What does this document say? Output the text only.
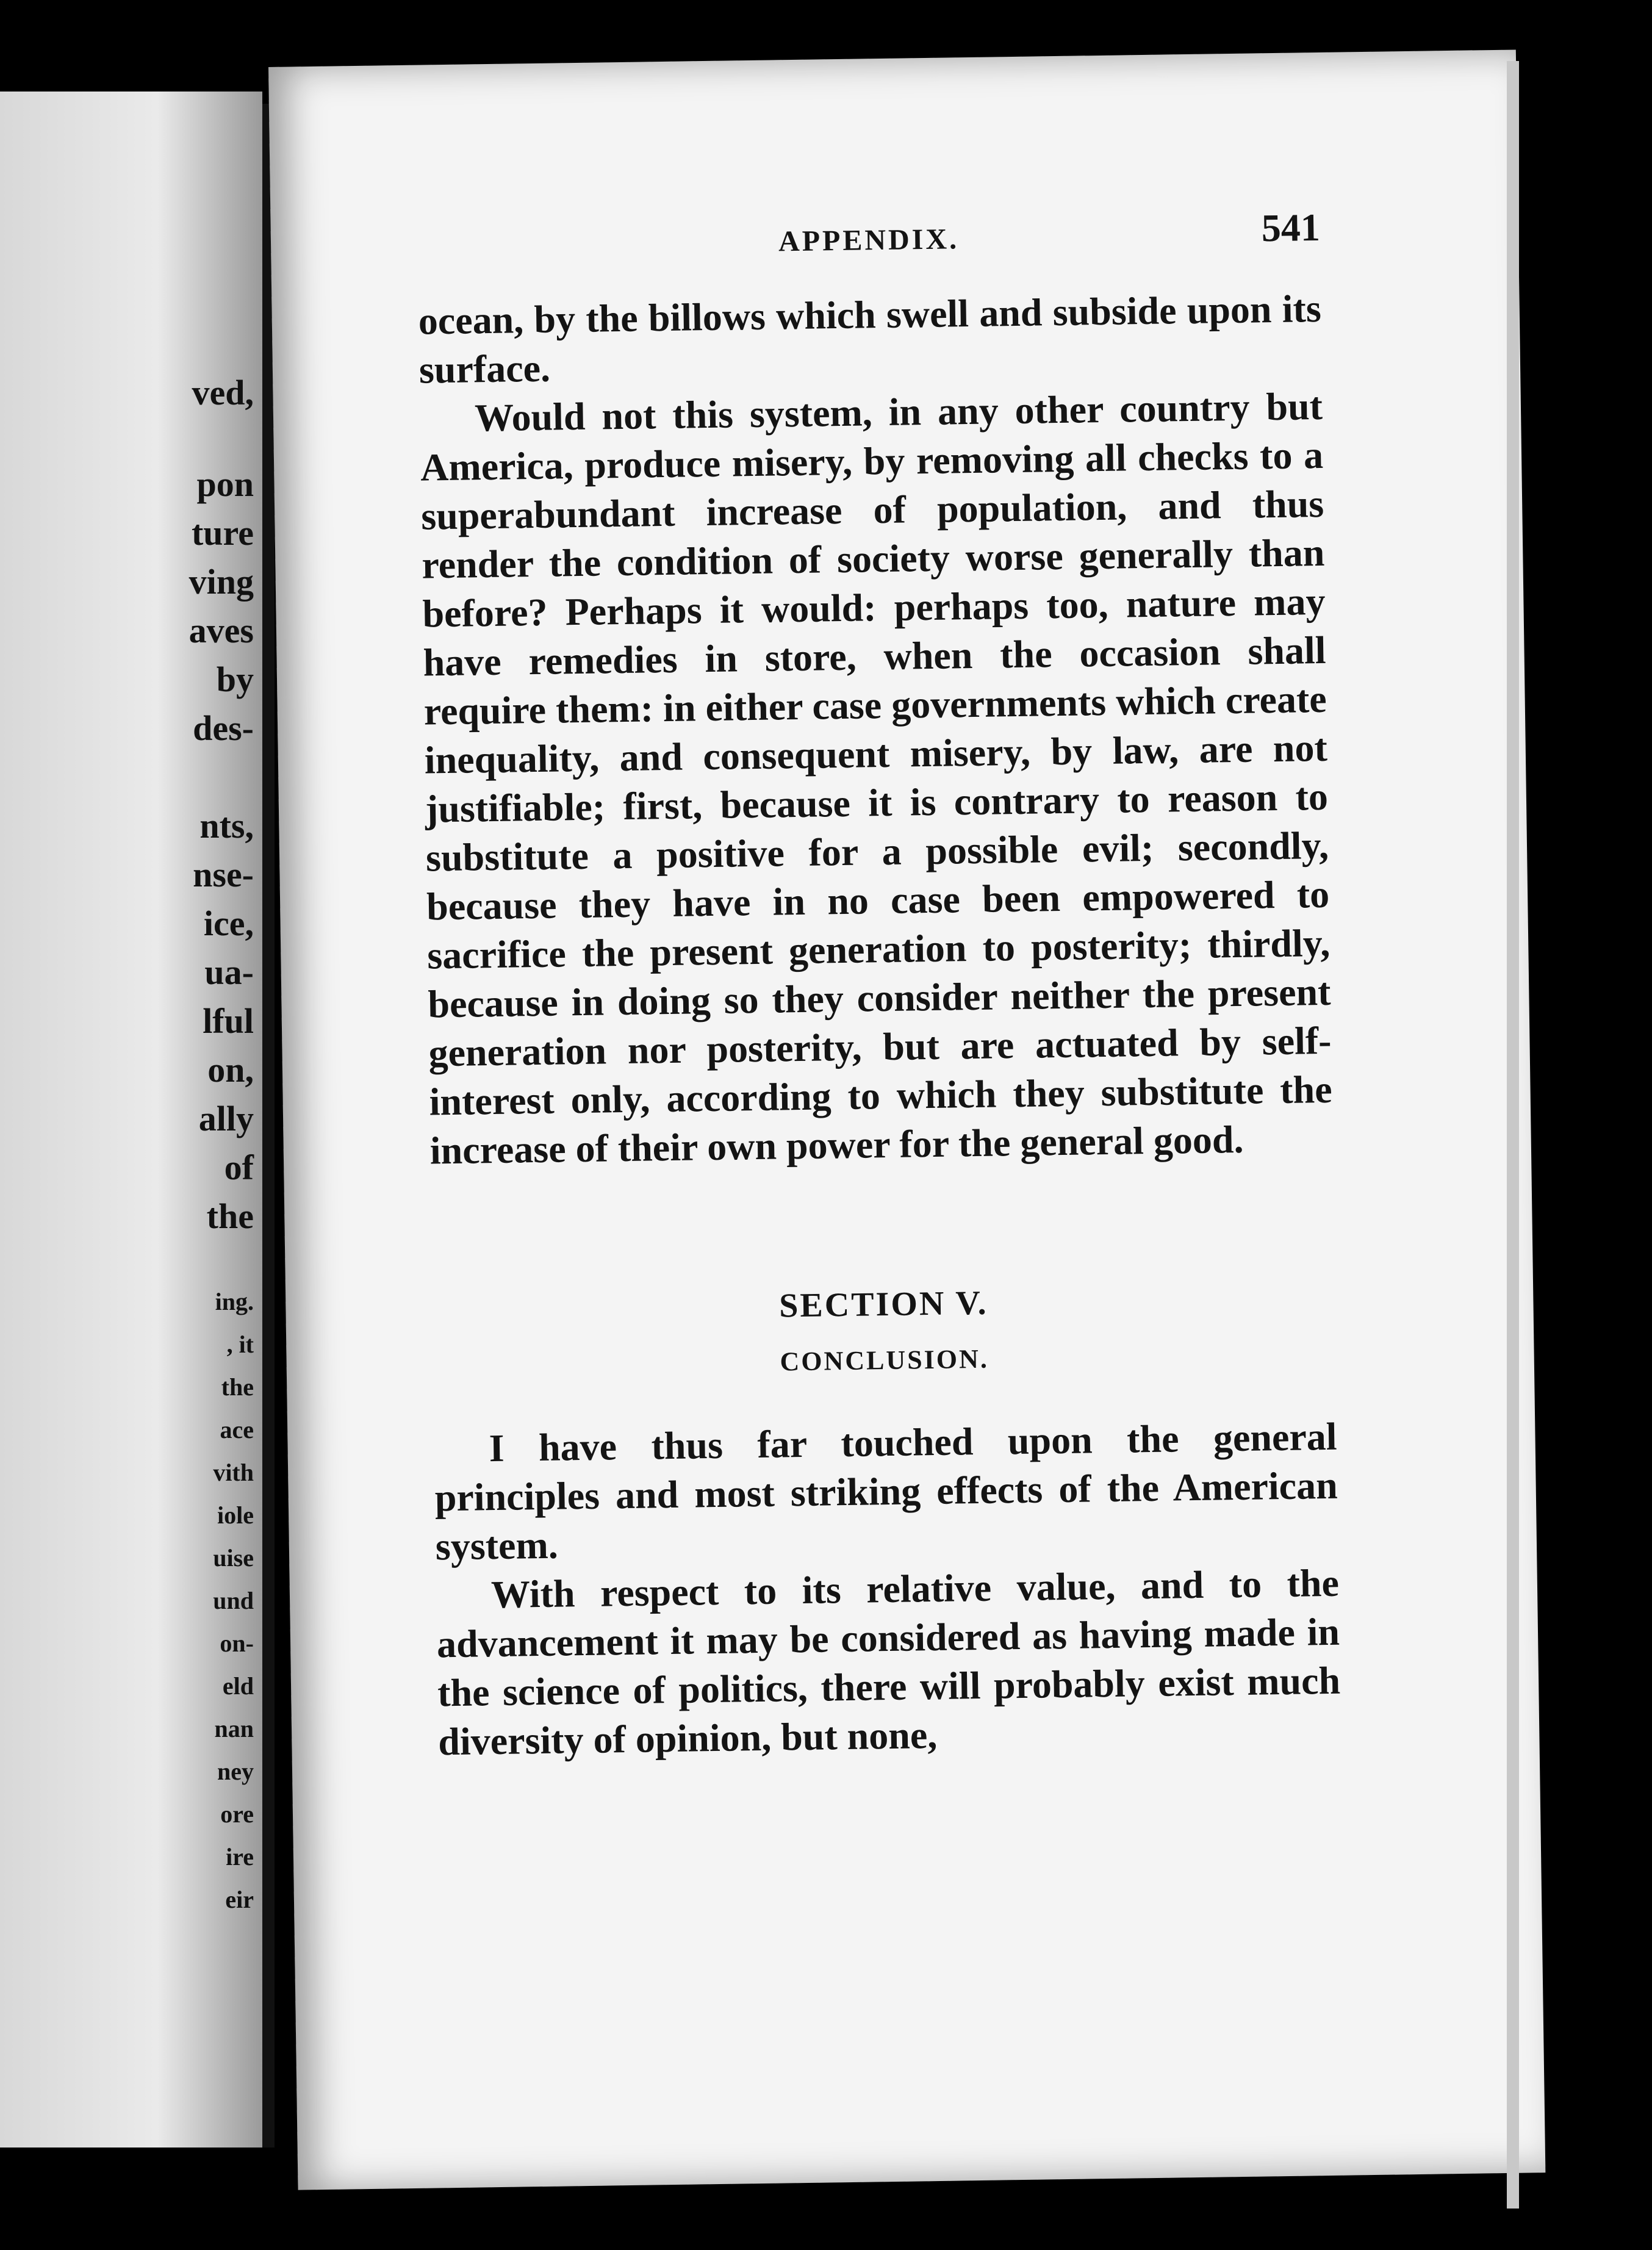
ved,
pon
ture
ving
aves
by
des-
nts,
nse-
ice,
ua-
lful
on,
ally
of
the
ing.
, it
the
ace
vith
iole
uise
und
on-
eld
nan
ney
ore
ire
eir
APPENDIX.	541

ocean, by the billows which swell and subside upon its surface.

Would not this system, in any other country but America, produce misery, by removing all checks to a superabundant increase of population, and thus render the condition of society worse generally than before? Perhaps it would: perhaps too, nature may have remedies in store, when the occasion shall require them: in either case governments which create inequality, and consequent misery, by law, are not justifiable; first, because it is contrary to reason to substitute a positive for a possible evil; secondly, because they have in no case been empowered to sacrifice the present generation to posterity; thirdly, because in doing so they consider neither the present generation nor posterity, but are actuated by self-interest only, according to which they substitute the increase of their own power for the general good.

SECTION V.
CONCLUSION.

I have thus far touched upon the general principles and most striking effects of the American system.

With respect to its relative value, and to the advancement it may be considered as having made in the science of politics, there will probably exist much diversity of opinion, but none,
